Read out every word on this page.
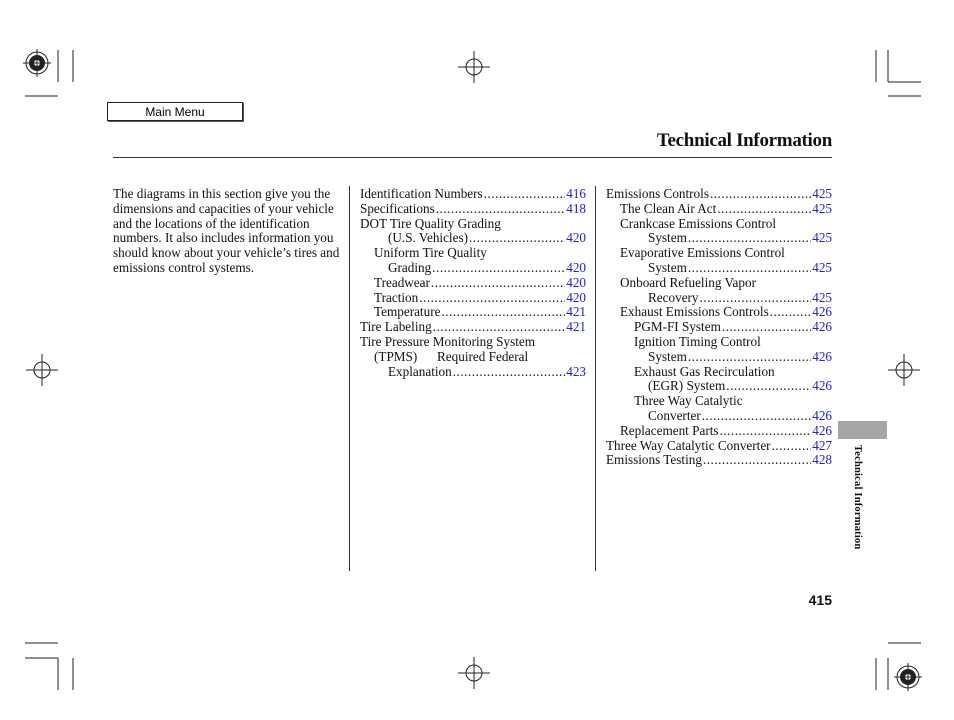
Main Menu
Technical Information
The diagrams in this section give you the dimensions and capacities of your vehicle and the locations of the identification numbers. It also includes information you should know about your vehicle’s tires and emissions control systems.
Identification Numbers .....	416
Specifications .....	418
DOT Tire Quality Grading
(U.S. Vehicles) .....	420
Uniform Tire Quality
Grading .....	420
Treadwear .....	420
Traction .....	420
Temperature .....	421
Tire Labeling .....	421
Tire Pressure Monitoring System
(TPMS)      Required Federal
Explanation .....	423
Emissions Controls .....	425
The Clean Air Act .....	425
Crankcase Emissions Control
System .....	425
Evaporative Emissions Control
System .....	425
Onboard Refueling Vapor
Recovery .....	425
Exhaust Emissions Controls .....	426
PGM-FI System .....	426
Ignition Timing Control
System .....	426
Exhaust Gas Recirculation
(EGR) System .....	426
Three Way Catalytic
Converter .....	426
Replacement Parts .....	426
Three Way Catalytic Converter .....	427
Emissions Testing .....	428 Technical Information
415
